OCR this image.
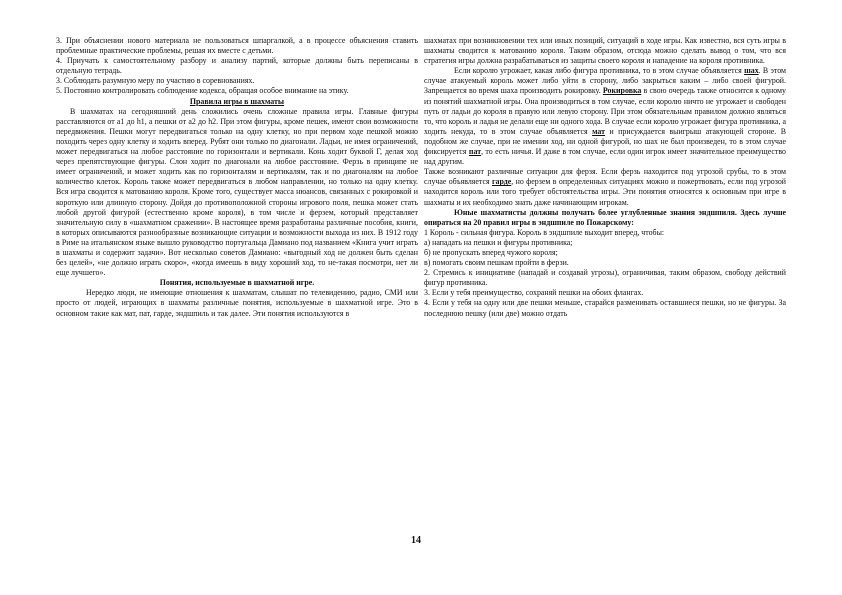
3. При объяснении нового материала не пользоваться шпаргалкой, а в процессе объяснения ставить проблемные практические проблемы, решая их вместе с детьми.

4. Приучать к самостоятельному разбору и анализу партий, которые должны быть переписаны в отдельную тетрадь.

3. Соблюдать разумную меру по участию в соревнованиях.

5. Постоянно контролировать соблюдение кодекса, обращая особое внимание на этику.

Правила игры в шахматы

В шахматах на сегодняшний день сложились очень сложные правила игры. Главные фигуры расставляются от a1 до h1, а пешки от a2 до h2. При этом фигуры, кроме пешек, имеют свои возможности передвижения. Пешки могут передвигаться только на одну клетку, но при первом ходе пешкой можно походить через одну клетку и ходить вперед. Рубят они только по диагонали. Ладьи, не имея ограничений, может передвигаться на любое расстояние по горизонтали и вертикали. Конь ходит буквой Г, делая ход через препятствующие фигуры. Слон ходит по диагонали на любое расстояние. Ферзь в принципе не имеет ограничений, и может ходить как по горизонталям и вертикалям, так и по диагоналям на любое количество клеток. Король также может передвигаться в любом направлении, но только на одну клетку. Вся игра сводится к матованию короля. Кроме того, существует масса нюансов, связанных с рокировкой и короткую или длинную сторону. Дойдя до противоположной стороны игрового поля, пешка может стать любой другой фигурой (естественно кроме короля), в том числе и ферзем, который представляет значительную силу в «шахматном сражении». В настоящее время разработаны различные пособия, книги, в которых описываются разнообразные возникающие ситуации и возможности выхода из них. В 1912 году в Риме на итальянском языке вышло руководство португальца Дамиано под названием «Книга учит играть в шахматы и содержит задачи». Вот несколько советов Дамиано: «выгодный ход не должен быть сделан без целей», «не должно играть скоро», «когда имеешь в виду хороший ход, то не-тaкая посмотри, нет ли еще лучшего».

Понятия, используемые в шахматной игре.

Нередко люди, не имеющие отношения к шахматам, слышат по телевидению, радио, СМИ или просто от людей, играющих в шахматы различные понятия, используемые в шахматной игре. Это в основном такие как мат, пат, гарде, эндшпиль и так далее. Эти понятия используются в

шахматах при возникновении тех или иных позиций, ситуаций в ходе игры. Как известно, вся суть игры в шахматы сводится к матованию короля. Таким образом, отсюда можно сделать вывод о том, что вся стратегия игры должна разрабатываться из защиты своего короля и нападение на короля противника.

Если королю угрожает, какая либо фигура противника, то в этом случае объявляется шах. В этом случае атакуемый король может либо уйти в сторону, либо закрыться каким – либо своей фигурой. Запрещается во время шаха производить рокировку. Рокировка в свою очередь также относится к одному из понятий шахматной игры. Она производиться в том случае, если королю ничто не угрожает и свободен путь от ладьи до короля в правую или левую сторону. При этом обязательным правилом должно являться то, что король и ладья не делали еще ни одного хода. В случае если королю угрожает фигура противника, а ходить некуда, то в этом случае объявляется мат и присуждается выигрыш атакующей стороне. В подобном же случае, при не имении ход, ни одной фигурой, но шах не был произведен, то в этом случае фиксируется пат, то есть ничья. И даже в том случае, если один игрок имеет значительное преимущество над другим.

Также возникают различные ситуации для ферзя. Если ферзь находится под угрозой срубы, то в этом случае объявляется гарде, но ферзем в определенных ситуациях можно и пожертвовать, если под угрозой находится король или того требует обстоятельства игры. Эти понятия относятся к основным при игре в шахматы и их необходимо знать даже начинающим игрокам.

Юные шахматисты должны получать более углубленные знания эндшпиля. Здесь лучше опираться на 20 правил игры в эндшпиле по Пожарскому:

1 Король - сильная фигура. Король в эндшпиле выходит вперед, чтобы:

а) нападать на пешки и фигуры противника;

б) не пропускать вперед чужого короля;

в) помогать своим пешкам пройти в ферзи.

2. Стремись к инициативе (нападай и создавай угрозы), ограничивая, таким образом, свободу действий фигур противника.

3. Если у тебя преимущество, сохраняй пешки на обоих флангах.

4. Если у тебя на одну или две пешки меньше, старайся разменивать остaвшиеся пешки, но не фигуры. За последнюю пешку (или две) можно отдать

14
